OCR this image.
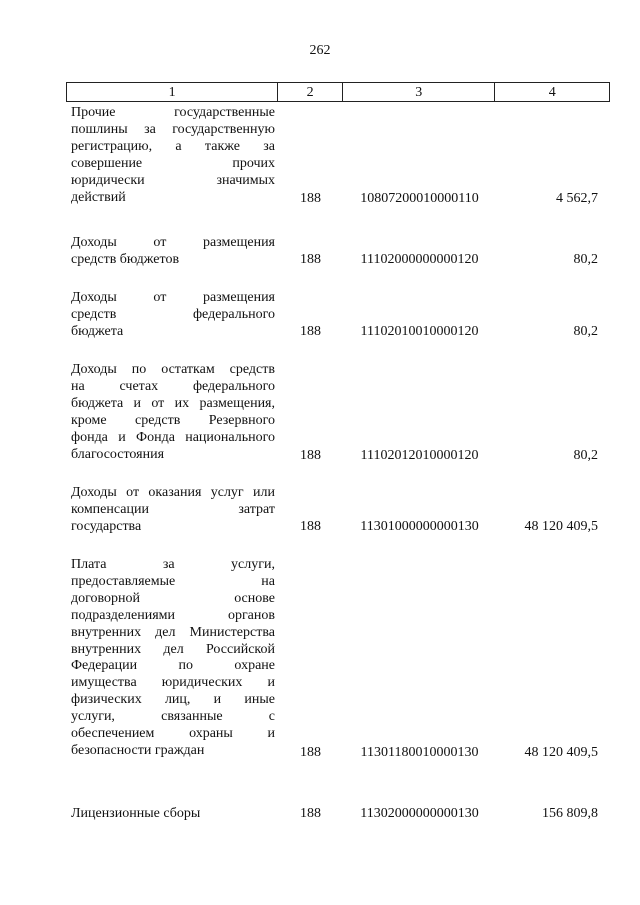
262
1	2	3	4
Прочие государственные
пошлины за государственную
регистрацию, а также за
совершение прочих
юридически значимых
действий	188	10807200010000110	4 562,7
Доходы от размещения
средств бюджетов	188	11102000000000120	80,2
Доходы от размещения
средств федерального
бюджета	188	11102010010000120	80,2
Доходы по остаткам средств
на счетах федерального
бюджета и от их размещения,
кроме средств Резервного
фонда и Фонда национального
благосостояния	188	11102012010000120	80,2
Доходы от оказания услуг или
компенсации затрат
государства	188	11301000000000130	48 120 409,5
Плата за услуги,
предоставляемые на
договорной основе
подразделениями органов
внутренних дел Министерства
внутренних дел Российской
Федерации по охране
имущества юридических и
физических лиц, и иные
услуги, связанные с
обеспечением охраны и
безопасности граждан	188	11301180010000130	48 120 409,5
Лицензионные сборы	188	11302000000000130	156 809,8
